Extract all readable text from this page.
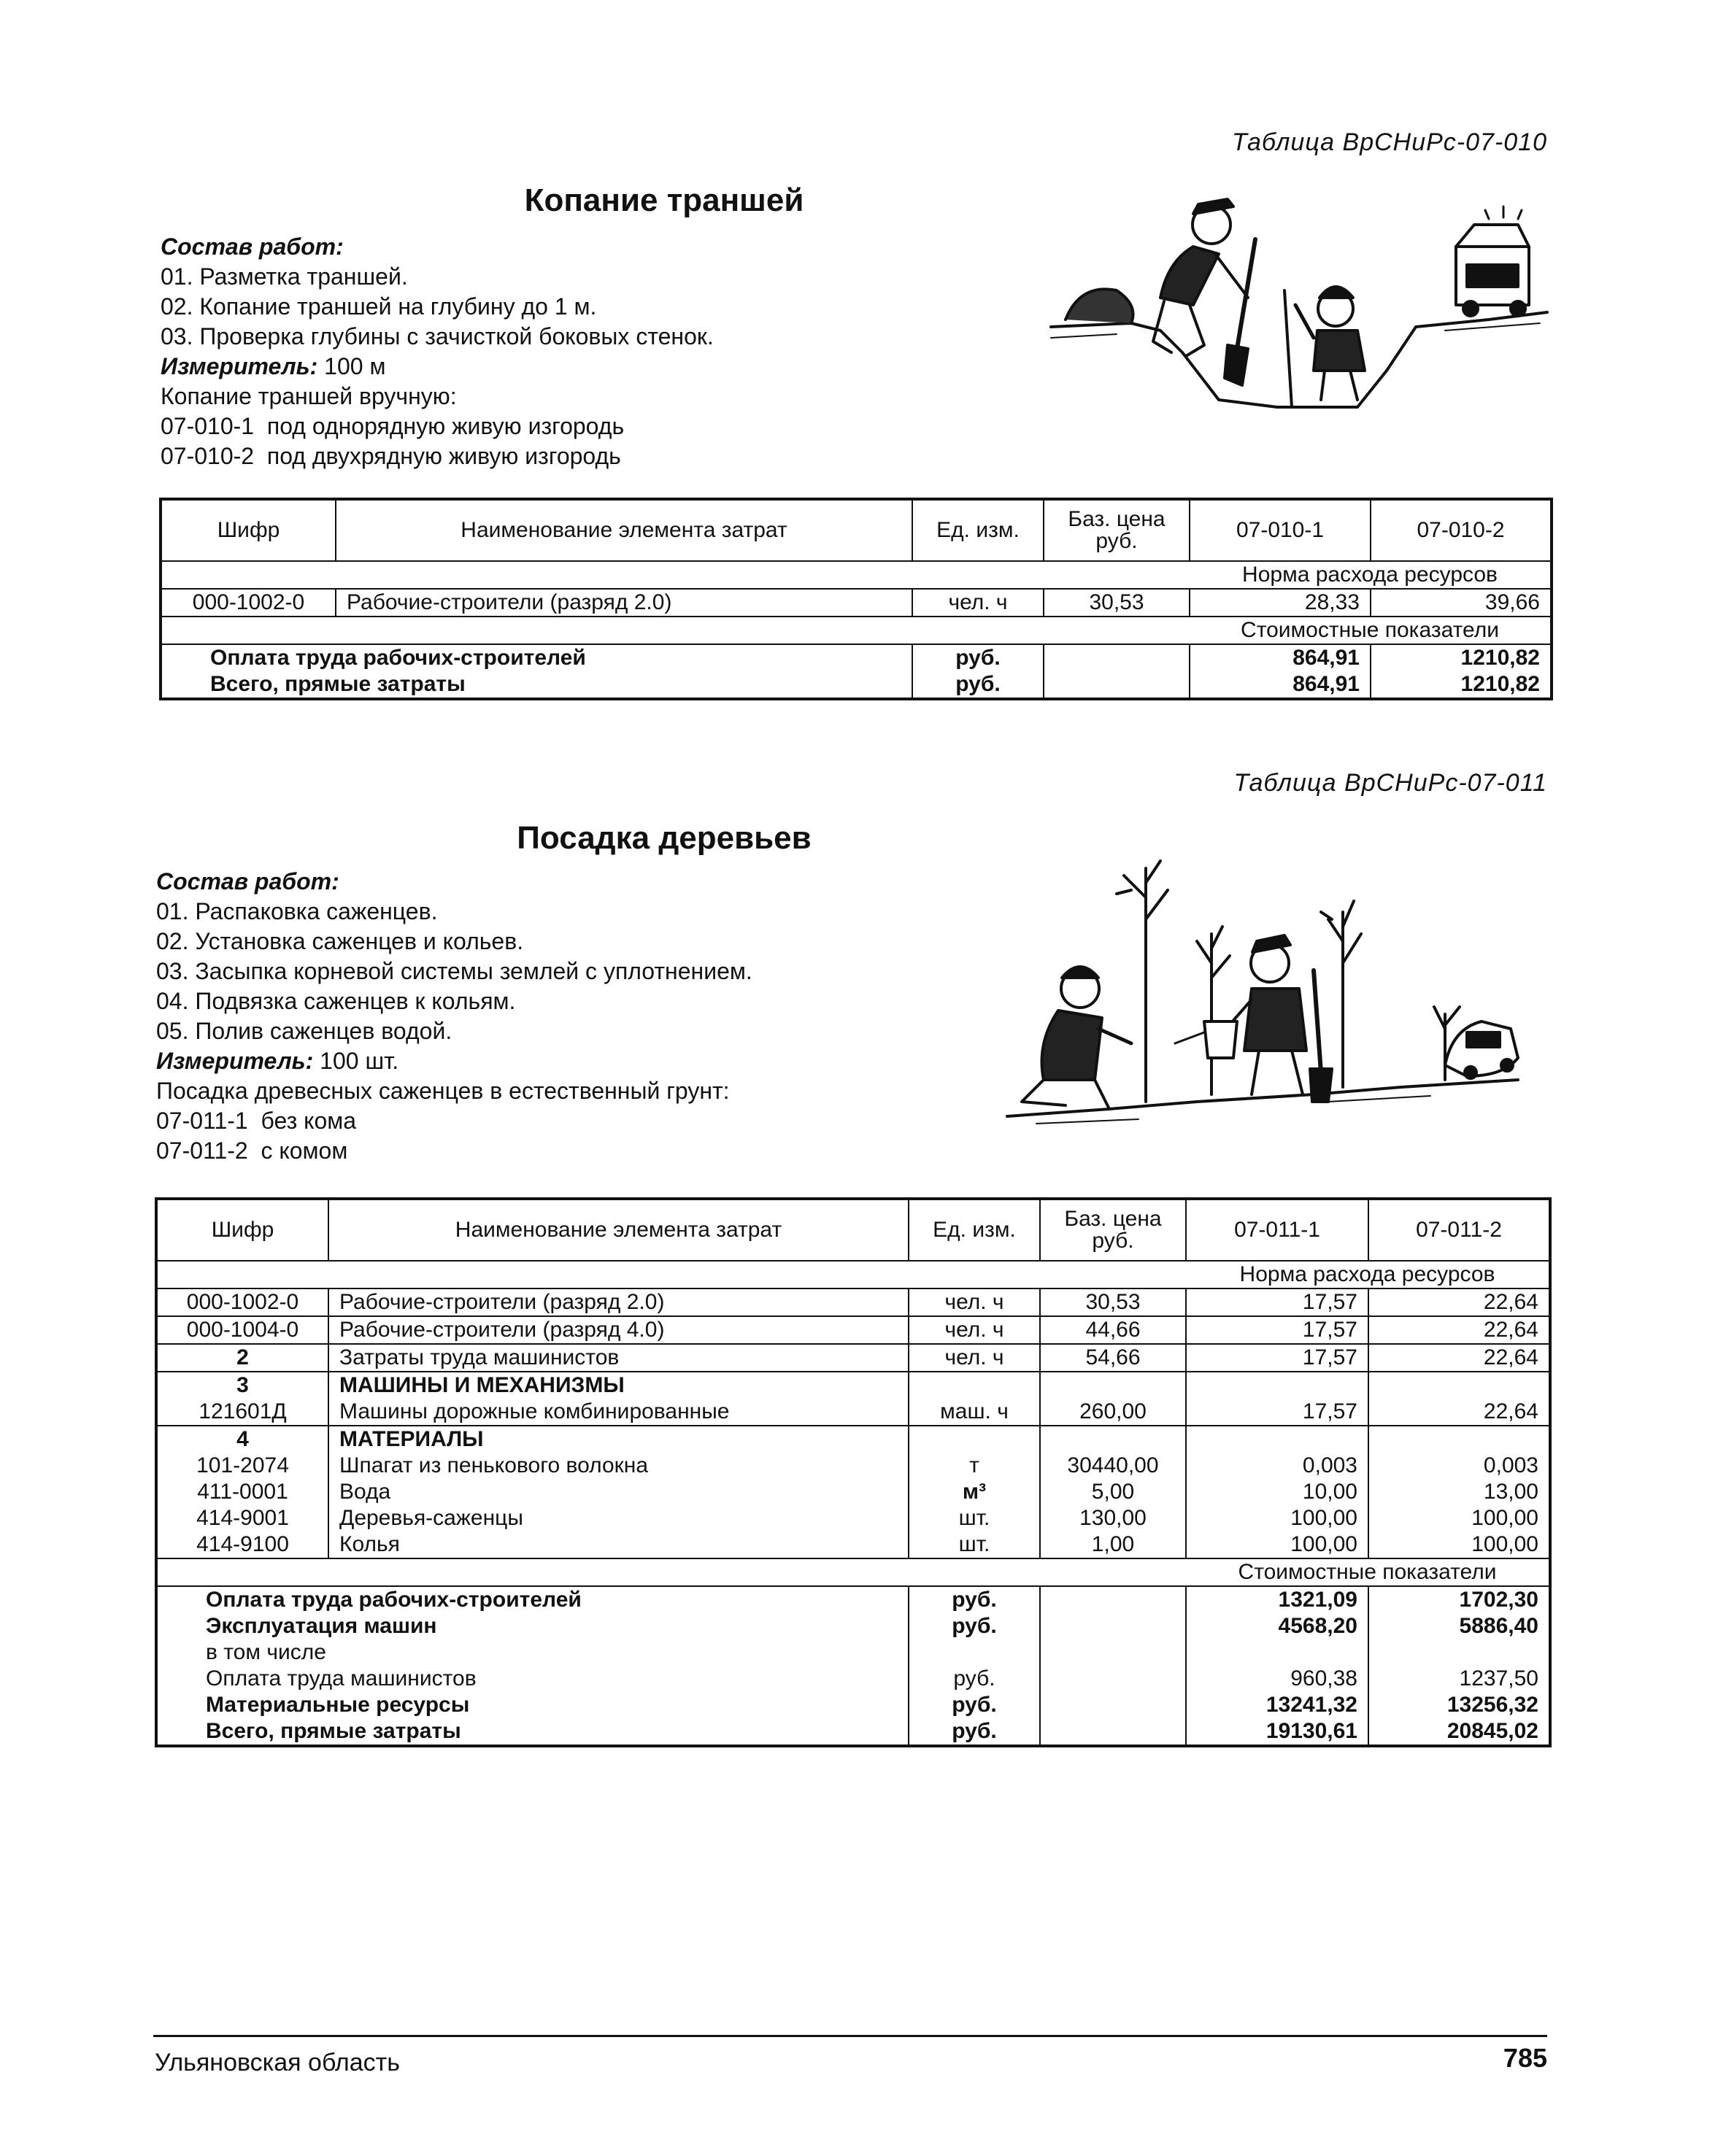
Таблица ВрСНиРс-07-010
Копание траншей
Состав работ:
01. Разметка траншей.
02. Копание траншей на глубину до 1 м.
03. Проверка глубины с зачисткой боковых стенок.
Измеритель: 100 м
Копание траншей вручную:
07-010-1 под однорядную живую изгородь
07-010-2 под двухрядную живую изгородь
Шифр	Наименование элемента затрат	Ед. изм.	Баз. цена руб.	07-010-1	07-010-2
				Норма расхода ресурсов	
000-1002-0	Рабочие-строители (разряд 2.0)	чел. ч	30,53	28,33	39,66
				Стоимостные показатели	
Оплата труда рабочих-строителей		руб.		864,91	1210,82
Всего, прямые затраты		руб.		864,91	1210,82
Таблица ВрСНиРс-07-011
Посадка деревьев
Состав работ:
01. Распаковка саженцев.
02. Установка саженцев и кольев.
03. Засыпка корневой системы землей с уплотнением.
04. Подвязка саженцев к кольям.
05. Полив саженцев водой.
Измеритель: 100 шт.
Посадка древесных саженцев в естественный грунт:
07-011-1 без кома
07-011-2 с комом
Шифр	Наименование элемента затрат	Ед. изм.	Баз. цена руб.	07-011-1	07-011-2
				Норма расхода ресурсов	
000-1002-0	Рабочие-строители (разряд 2.0)	чел. ч	30,53	17,57	22,64
000-1004-0	Рабочие-строители (разряд 4.0)	чел. ч	44,66	17,57	22,64
2	Затраты труда машинистов	чел. ч	54,66	17,57	22,64
3	МАШИНЫ И МЕХАНИЗМЫ				
121601Д	Машины дорожные комбинированные	маш. ч	260,00	17,57	22,64
4	МАТЕРИАЛЫ				
101-2074	Шпагат из пенькового волокна	т	30440,00	0,003	0,003
411-0001	Вода	м³	5,00	10,00	13,00
414-9001	Деревья-саженцы	шт.	130,00	100,00	100,00
414-9100	Колья	шт.	1,00	100,00	100,00
				Стоимостные показатели	
Оплата труда рабочих-строителей		руб.		1321,09	1702,30
Эксплуатация машин		руб.		4568,20	5886,40
в том числе					
Оплата труда машинистов		руб.		960,38	1237,50
Материальные ресурсы		руб.		13241,32	13256,32
Всего, прямые затраты		руб.		19130,61	20845,02
Ульяновская область	785
